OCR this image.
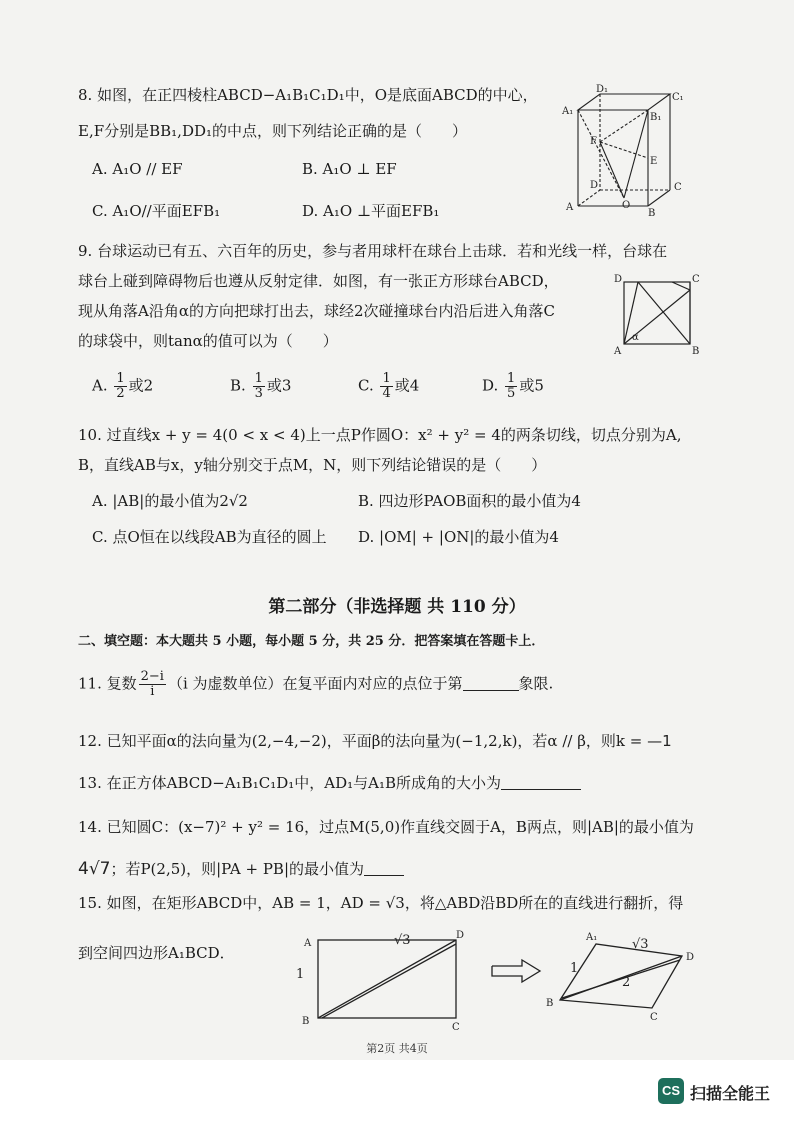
8. 如图，在正四棱柱ABCD−A₁B₁C₁D₁中，O是底面ABCD的中心，
E,F分别是BB₁,DD₁的中点，则下列结论正确的是（　　）
A. A₁O // EF	B. A₁O ⊥ EF
C. A₁O//平面EFB₁	D. A₁O ⊥平面EFB₁
D₁
C₁
A₁
B₁
F
E
D	C
A	O
B
9. 台球运动已有五、六百年的历史，参与者用球杆在球台上击球．若和光线一样，台球在
球台上碰到障碍物后也遵从反射定律．如图，有一张正方形球台ABCD，
现从角落A沿角α的方向把球打出去，球经2次碰撞球台内沿后进入角落C
的球袋中，则tanα的值可以为（　　）
D	C
A	B
α
A. $\frac{1}{2}$ 或2	B. $\frac{1}{3}$ 或3	C. $\frac{1}{4}$ 或4	D. $\frac{1}{5}$ 或5
10. 过直线x + y = 4(0 < x < 4)上一点P作圆O：x² + y² = 4的两条切线，切点分别为A,
B，直线AB与x，y轴分别交于点M，N，则下列结论错误的是（　　）
A. |AB|的最小值为2√2	B. 四边形PAOB面积的最小值为4
C. 点O恒在以线段AB为直径的圆上 D. |OM| + |ON|的最小值为4
第二部分（非选择题 共 110 分）
二、填空题：本大题共 5 小题，每小题 5 分，共 25 分．把答案填在答题卡上．
11. 复数 $\frac{2-i}{i} (i$ 为虚数单位）在复平面内对应的点位于第	象限.
12. 已知平面α的法向量为(2,−4,−2)，平面β的法向量为(−1,2,k)，若α // β，则k = —1
13. 在正方体ABCD−A₁B₁C₁D₁中，AD₁与A₁B所成角的大小为
14. 已知圆C：(x−7)² + y² = 16，过点M(5,0)作直线交圆于A，B两点，则|AB|的最小值为
4√7；若P(2,5)，则|PA + PB|的最小值为
15. 如图，在矩形ABCD中，AB = 1，AD = √3，将△ABD沿BD所在的直线进行翻折，得
到空间四边形A₁BCD．
A
D
B
C
√3
1
A₁
D
B
C
√3
1
2
第2页 共4页
CS 扫描全能王
